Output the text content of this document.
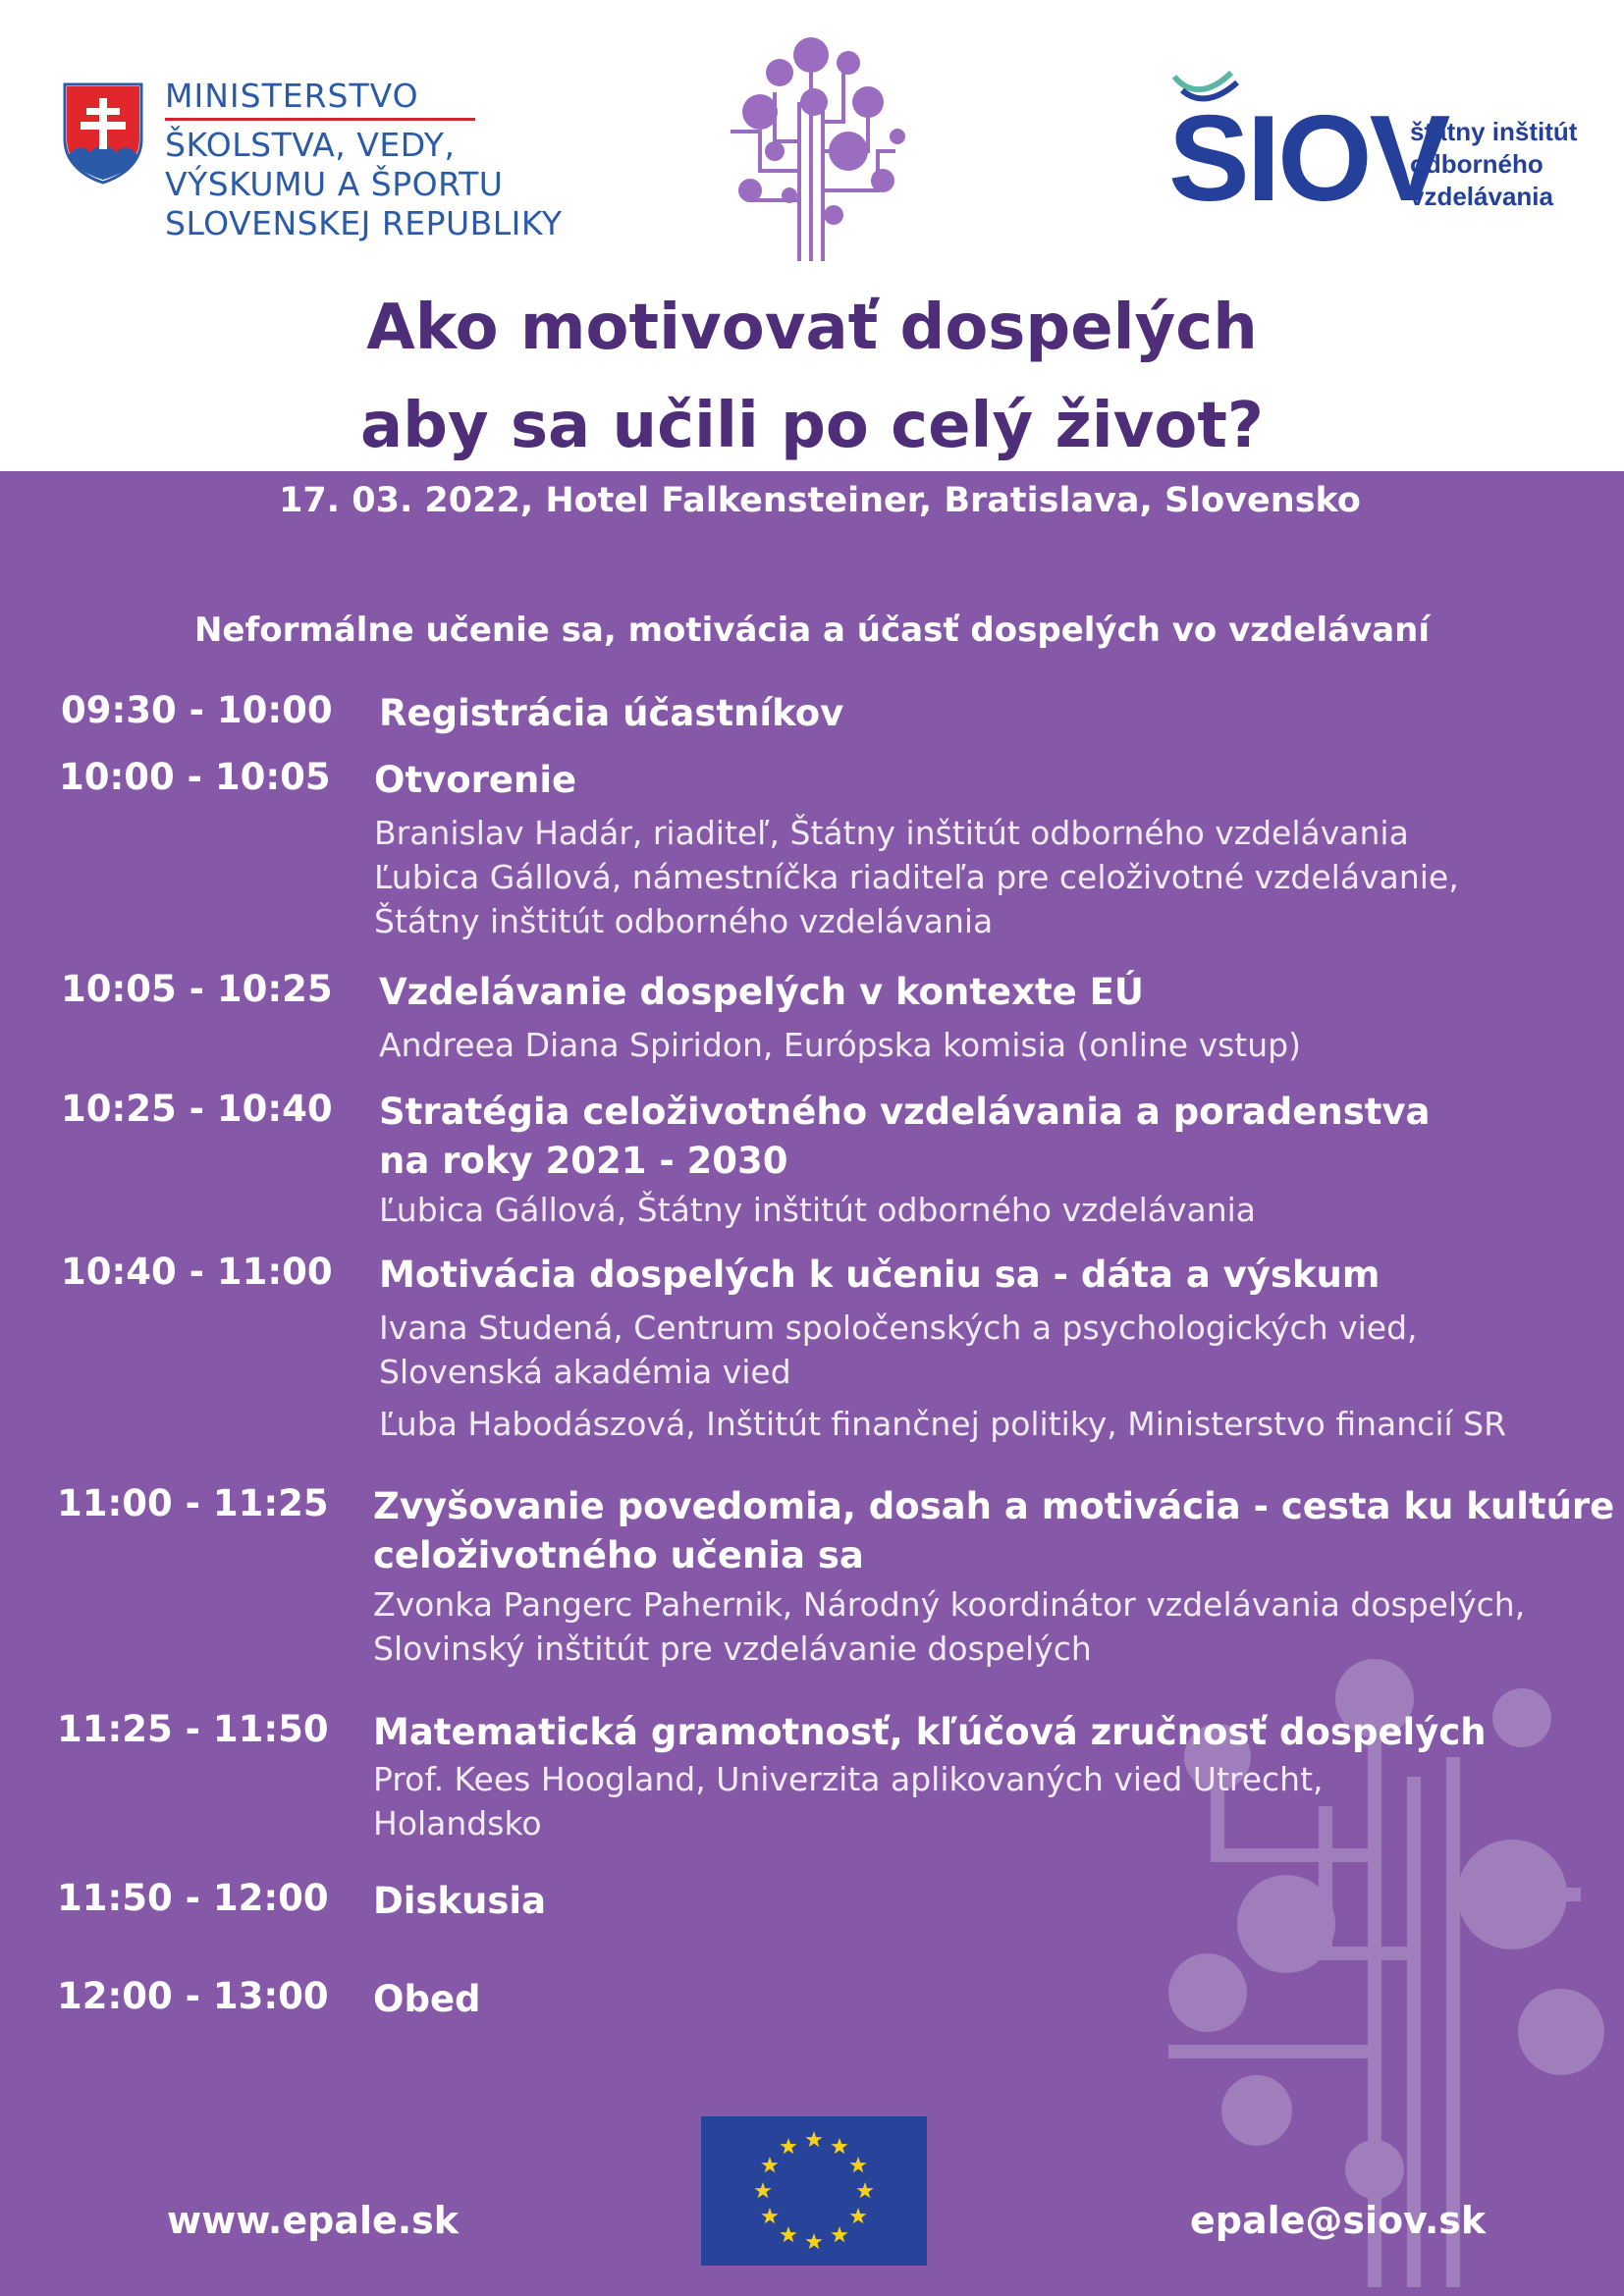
MINISTERSTVO
ŠKOLSTVA, VEDY,
VÝSKUMU A ŠPORTU
SLOVENSKEJ REPUBLIKY	SIOV
štátny inštitút
odborného
vzdelávania
Ako motivovať dospelých
aby sa učili po celý život?
17. 03. 2022, Hotel Falkensteiner, Bratislava, Slovensko
Neformálne učenie sa, motivácia a účasť dospelých vo vzdelávaní
09:30 - 10:00 Registrácia účastníkov
10:00 - 10:05 Otvorenie
Branislav Hadár, riaditeľ, Štátny inštitút odborného vzdelávania
Ľubica Gállová, námestníčka riaditeľa pre celoživotné vzdelávanie,
Štátny inštitút odborného vzdelávania
10:05 - 10:25 Vzdelávanie dospelých v kontexte EÚ
Andreea Diana Spiridon, Európska komisia (online vstup)
10:25 - 10:40 Stratégia celoživotného vzdelávania a poradenstva
na roky 2021 - 2030
Ľubica Gállová, Štátny inštitút odborného vzdelávania
10:40 - 11:00 Motivácia dospelých k učeniu sa - dáta a výskum
Ivana Studená, Centrum spoločenských a psychologických vied,
Slovenská akadémia vied
Ľuba Habodászová, Inštitút finančnej politiky, Ministerstvo financií SR
11:00 - 11:25 Zvyšovanie povedomia, dosah a motivácia - cesta ku kultúre
celoživotného učenia sa
Zvonka Pangerc Pahernik, Národný koordinátor vzdelávania dospelých,
Slovinský inštitút pre vzdelávanie dospelých
11:25 - 11:50 Matematická gramotnosť, kľúčová zručnosť dospelých
Prof. Kees Hoogland, Univerzita aplikovaných vied Utrecht,
Holandsko
11:50 - 12:00 Diskusia
12:00 - 13:00 Obed
www.epale.sk	epale@siov.sk
